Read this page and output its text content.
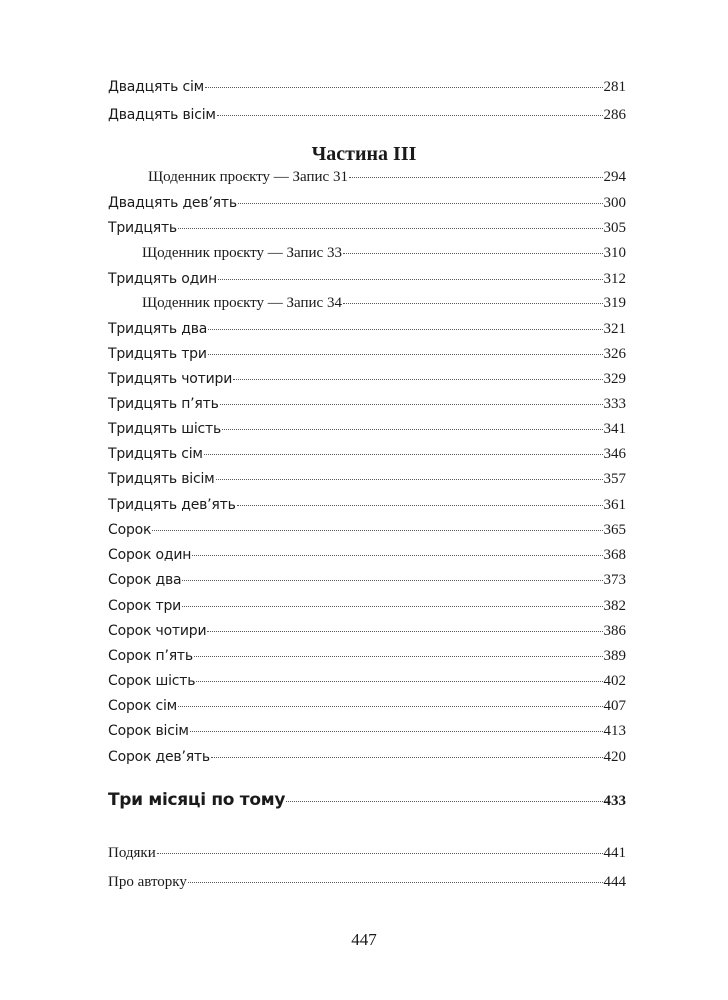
Двадцять сім	281
Двадцять вісім	286
Частина III
Щоденник проєкту — Запис 31	294
Двадцять дев’ять	300
Тридцять	305
Щоденник проєкту — Запис 33	310
Тридцять один	312
Щоденник проєкту — Запис 34	319
Тридцять два	321
Тридцять три	326
Тридцять чотири	329
Тридцять п’ять	333
Тридцять шість	341
Тридцять сім	346
Тридцять вісім	357
Тридцять дев’ять	361
Сорок	365
Сорок один	368
Сорок два	373
Сорок три	382
Сорок чотири	386
Сорок п’ять	389
Сорок шість	402
Сорок сім	407
Сорок вісім	413
Сорок дев’ять	420
Три місяці по тому	433
Подяки	441
Про авторку	444
447
